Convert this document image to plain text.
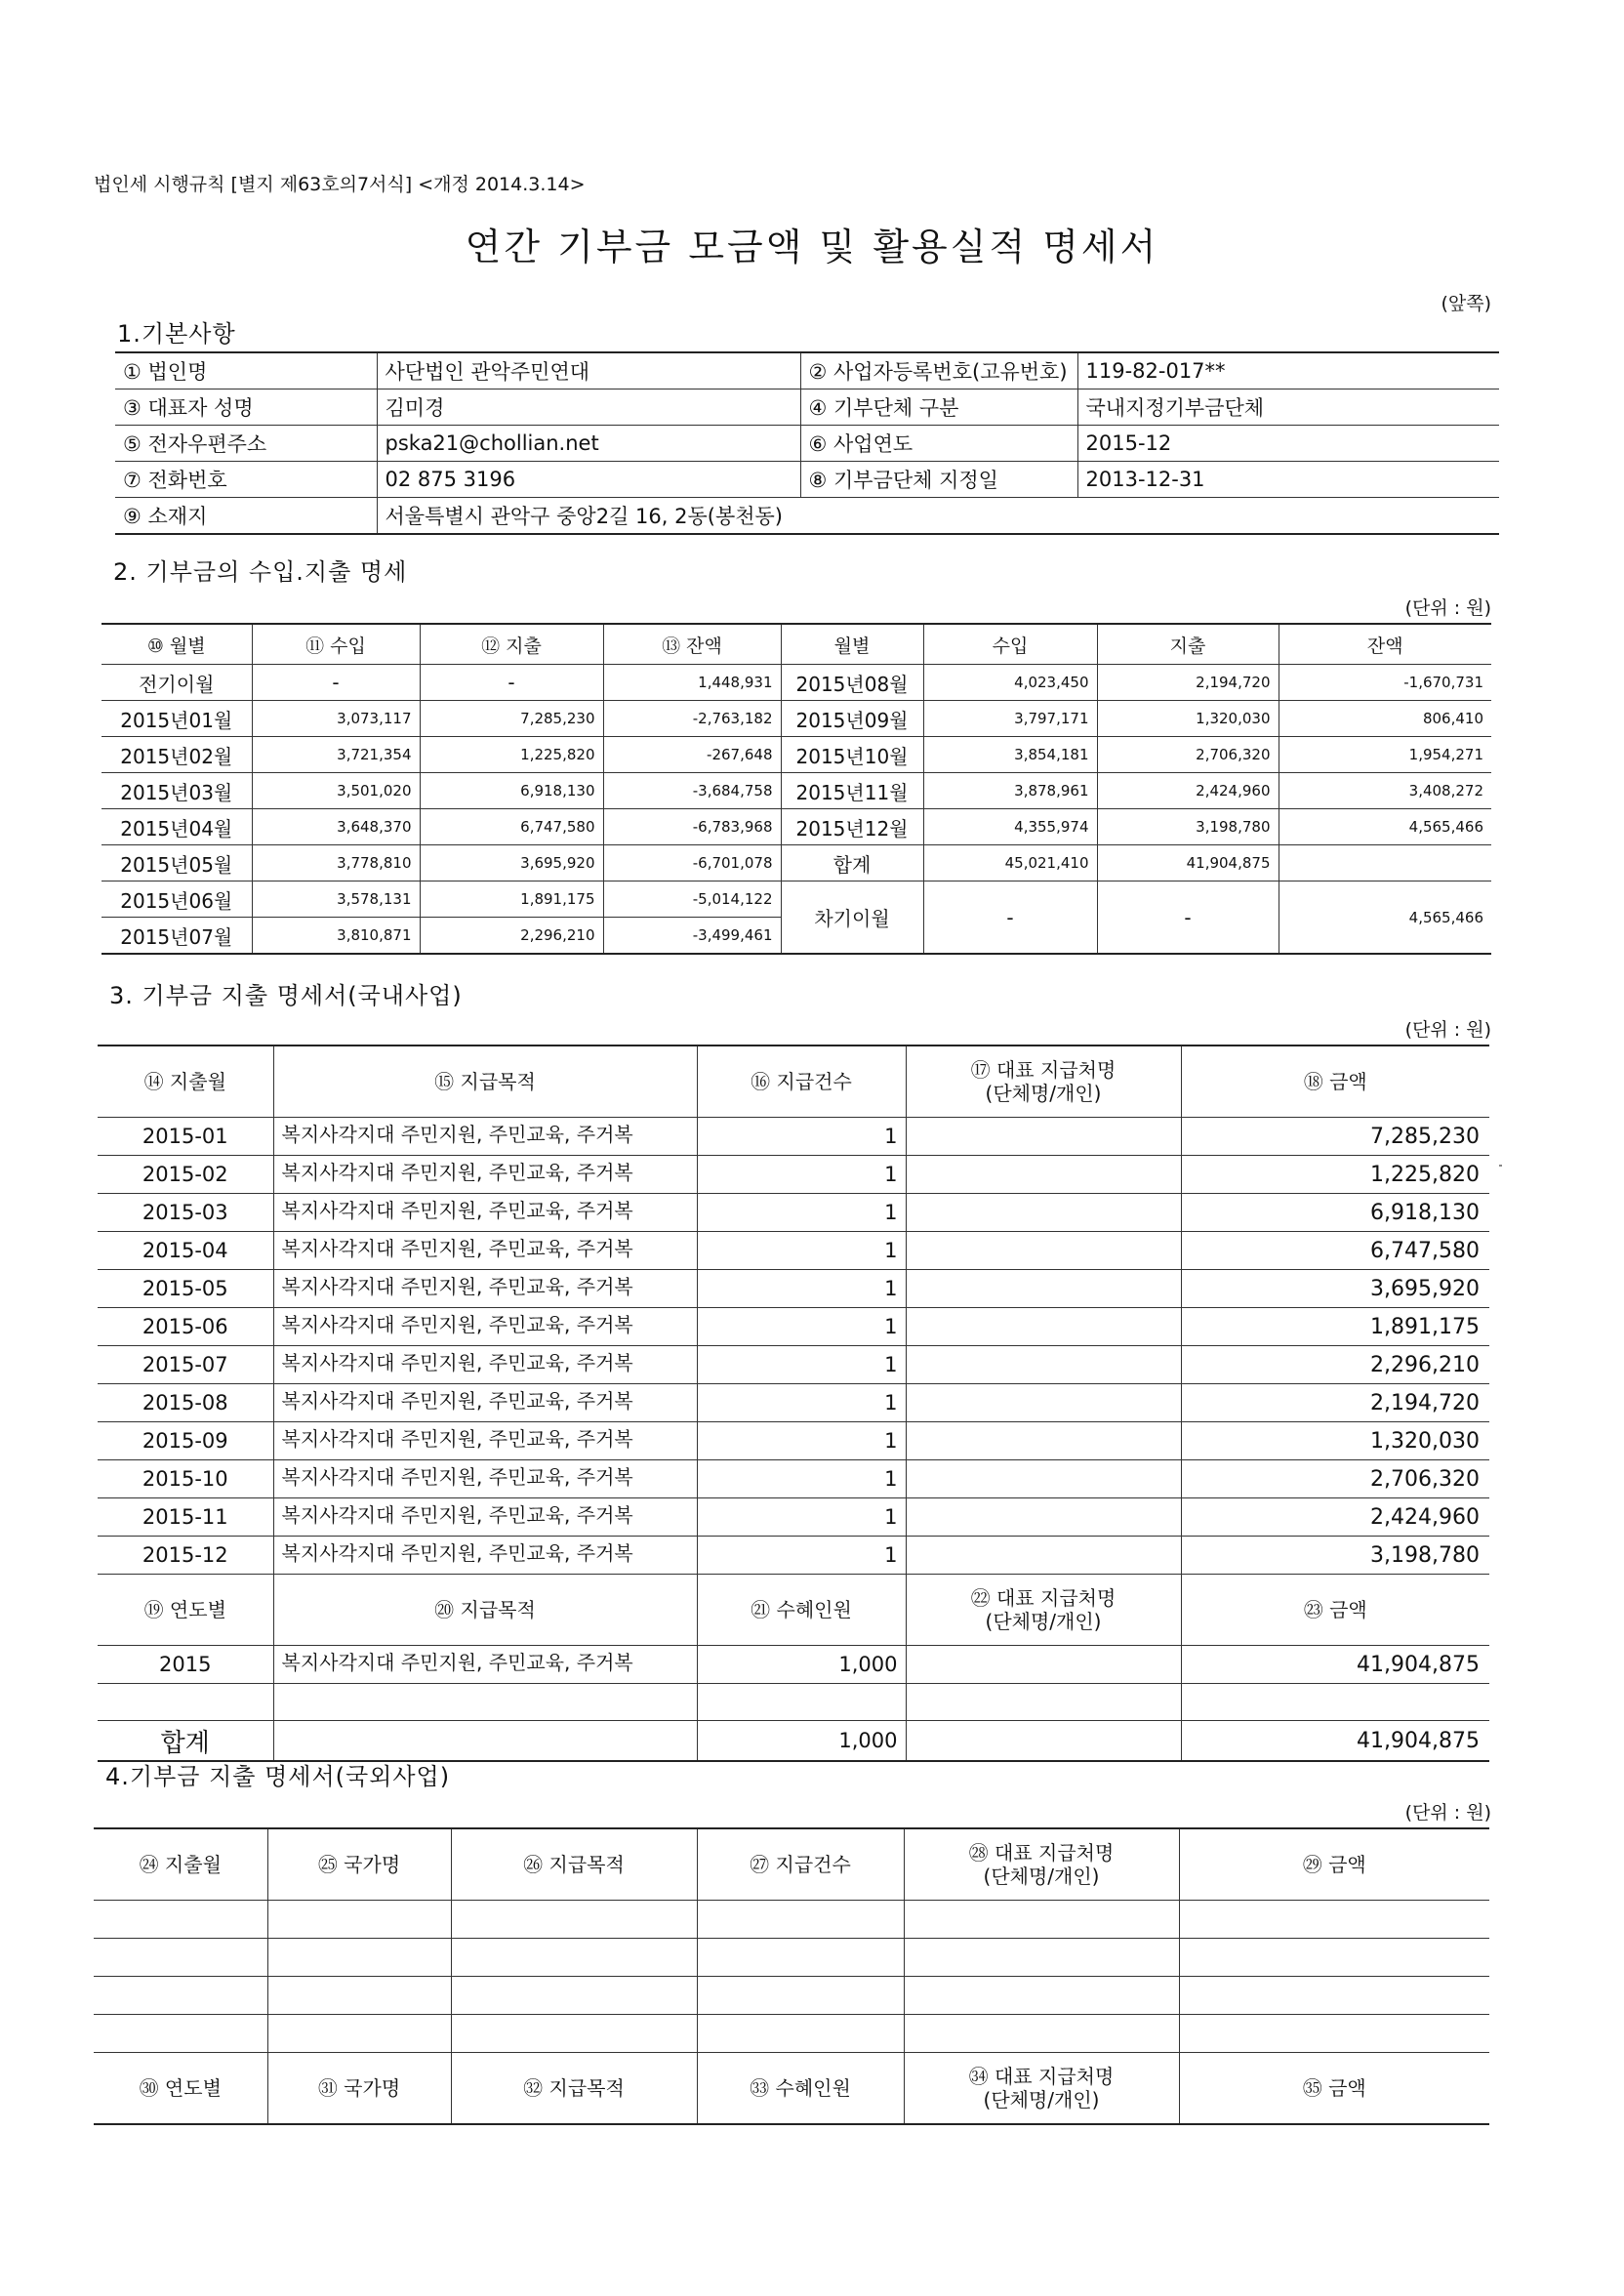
법인세 시행규칙 [별지 제63호의7서식] <개정 2014.3.14>
연간 기부금 모금액 및 활용실적 명세서
(앞쪽)
1.기본사항
① 법인명	사단법인 관악주민연대	② 사업자등록번호(고유번호)	119-82-017**
③ 대표자 성명	김미경	④ 기부단체 구분	국내지정기부금단체
⑤ 전자우편주소	pska21@chollian.net	⑥ 사업연도	2015-12
⑦ 전화번호	02 875 3196	⑧ 기부금단체 지정일	2013-12-31
⑨ 소재지	서울특별시 관악구 중앙2길 16, 2동(봉천동)		
2. 기부금의 수입.지출 명세
(단위 : 원)
⑩ 월별	⑪ 수입	⑫ 지출	⑬ 잔액	월별	수입	지출	잔액
전기이월	-	-	1,448,931	2015년08월	4,023,450	2,194,720	-1,670,731
2015년01월	3,073,117	7,285,230	-2,763,182	2015년09월	3,797,171	1,320,030	806,410
2015년02월	3,721,354	1,225,820	-267,648	2015년10월	3,854,181	2,706,320	1,954,271
2015년03월	3,501,020	6,918,130	-3,684,758	2015년11월	3,878,961	2,424,960	3,408,272
2015년04월	3,648,370	6,747,580	-6,783,968	2015년12월	4,355,974	3,198,780	4,565,466
2015년05월	3,778,810	3,695,920	-6,701,078	합계	45,021,410	41,904,875	
2015년06월	3,578,131	1,891,175	-5,014,122	차기이월	-	-	4,565,466
2015년07월	3,810,871	2,296,210	-3,499,461				
3. 기부금 지출 명세서(국내사업)
(단위 : 원)
⑭ 지출월	⑮ 지급목적	⑯ 지급건수	⑰ 대표 지급처명
(단체명/개인)	⑱ 금액
2015-01	복지사각지대 주민지원, 주민교육, 주거복	1		7,285,230
2015-02	복지사각지대 주민지원, 주민교육, 주거복	1		1,225,820
2015-03	복지사각지대 주민지원, 주민교육, 주거복	1		6,918,130
2015-04	복지사각지대 주민지원, 주민교육, 주거복	1		6,747,580
2015-05	복지사각지대 주민지원, 주민교육, 주거복	1		3,695,920
2015-06	복지사각지대 주민지원, 주민교육, 주거복	1		1,891,175
2015-07	복지사각지대 주민지원, 주민교육, 주거복	1		2,296,210
2015-08	복지사각지대 주민지원, 주민교육, 주거복	1		2,194,720
2015-09	복지사각지대 주민지원, 주민교육, 주거복	1		1,320,030
2015-10	복지사각지대 주민지원, 주민교육, 주거복	1		2,706,320
2015-11	복지사각지대 주민지원, 주민교육, 주거복	1		2,424,960
2015-12	복지사각지대 주민지원, 주민교육, 주거복	1		3,198,780
⑲ 연도별	⑳ 지급목적	㉑ 수혜인원	㉒ 대표 지급처명
(단체명/개인)	㉓ 금액
2015	복지사각지대 주민지원, 주민교육, 주거복	1,000		41,904,875

합계		1,000		41,904,875
4.기부금 지출 명세서(국외사업)
(단위 : 원)
㉔ 지출월	㉕ 국가명	㉖ 지급목적	㉗ 지급건수	㉘ 대표 지급처명
(단체명/개인)	㉙ 금액

㉚ 연도별	㉛ 국가명	㉜ 지급목적	㉝ 수혜인원	㉞ 대표 지급처명
(단체명/개인)	㉟ 금액
